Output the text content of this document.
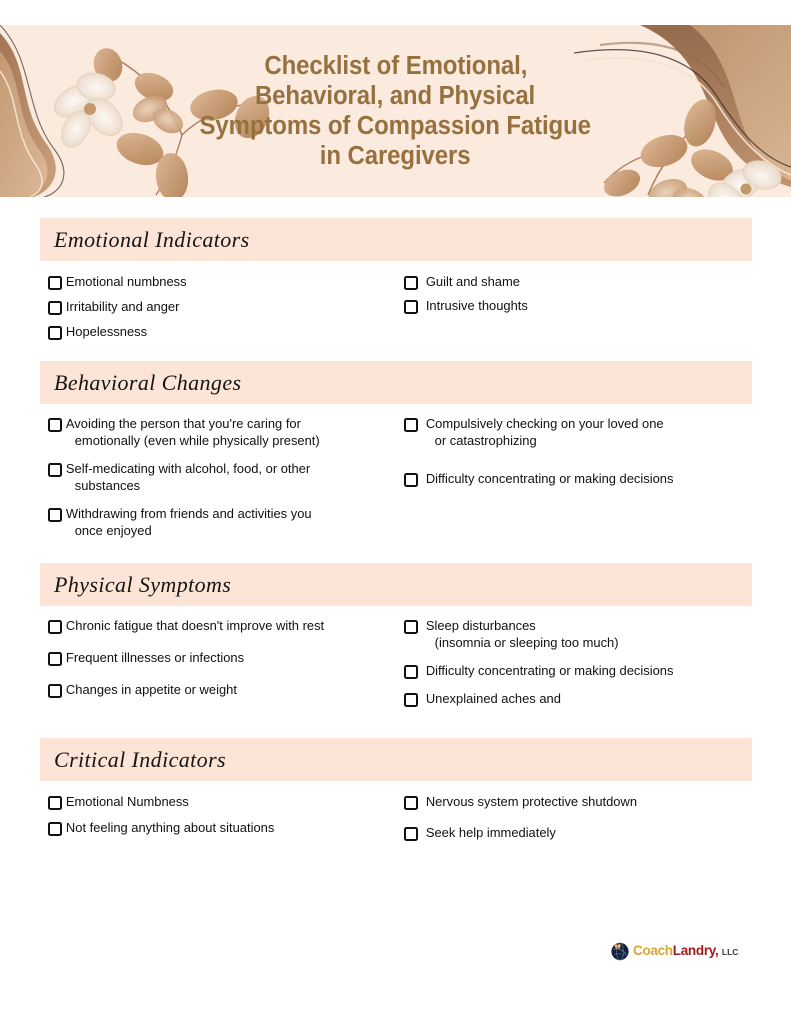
Checklist of Emotional,
Behavioral, and Physical
Symptoms of Compassion Fatigue
in Caregivers
Emotional Indicators
Emotional numbness
Irritability and anger
Hopelessness
Guilt and shame
Intrusive thoughts
Behavioral Changes
Avoiding the person that you're caring for
emotionally (even while physically present)
Self-medicating with alcohol, food, or other
substances
Withdrawing from friends and activities you
once enjoyed
Compulsively checking on your loved one
or catastrophizing
Difficulty concentrating or making decisions
Physical Symptoms
Chronic fatigue that doesn't improve with rest
Frequent illnesses or infections
Changes in appetite or weight
Sleep disturbances
(insomnia or sleeping too much)
Difficulty concentrating or making decisions
Unexplained aches and
Critical Indicators
Emotional Numbness
Not feeling anything about situations
Nervous system protective shutdown
Seek help immediately
CoachLandry, LLC
